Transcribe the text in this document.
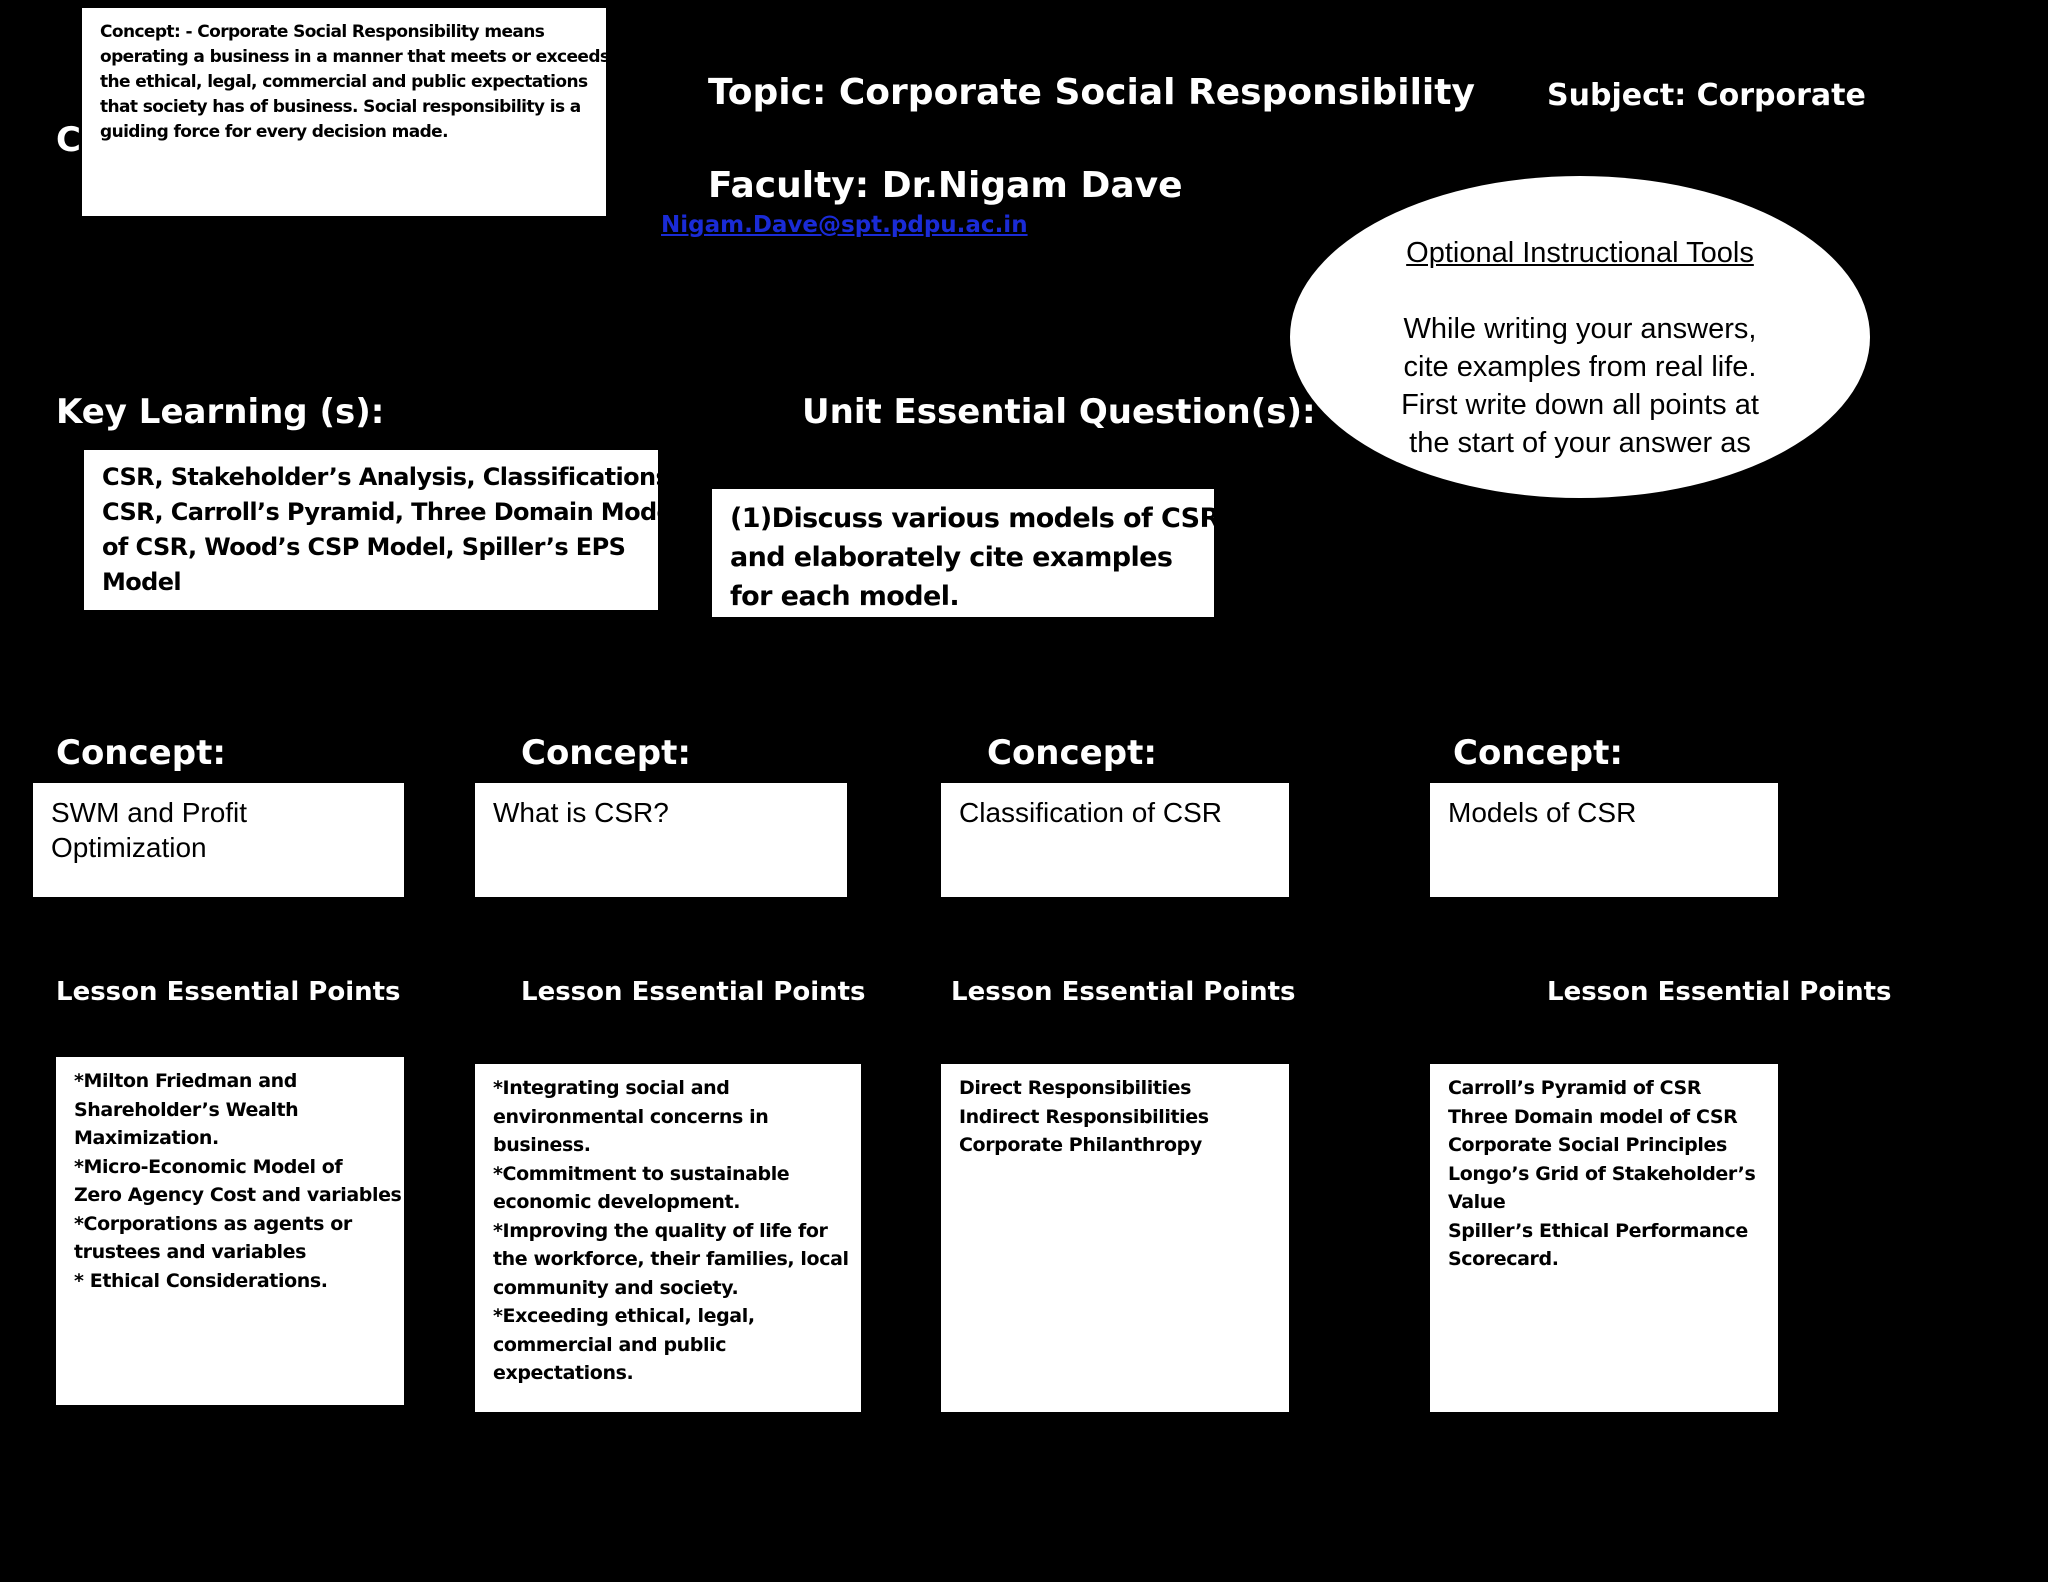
C
Topic: Corporate Social Responsibility Subject: Corporate
Faculty: Dr.Nigam Dave
Nigam.Dave@spt.pdpu.ac.in
Concept: - Corporate Social Responsibility means
operating a business in a manner that meets or exceeds
the ethical, legal, commercial and public expectations
that society has of business. Social responsibility is a
guiding force for every decision made.
Optional Instructional Tools
While writing your answers,
cite examples from real life.
First write down all points at
the start of your answer as
Key Learning (s):
CSR, Stakeholder’s Analysis, Classifications of
CSR, Carroll’s Pyramid, Three Domain Model
of CSR, Wood’s CSP Model, Spiller’s EPS
Model
Unit Essential Question(s):
(1)Discuss various models of CSR
and elaborately cite examples
for each model.
Concept:
SWM and Profit
Optimization
Lesson Essential Points
*Milton Friedman and
Shareholder’s Wealth
Maximization.
*Micro-Economic Model of
Zero Agency Cost and variables
*Corporations as agents or
trustees and variables
* Ethical Considerations.
Concept:
What is CSR?
Lesson Essential Points
*Integrating social and
environmental concerns in
business.
*Commitment to sustainable
economic development.
*Improving the quality of life for
the workforce, their families, local
community and society.
*Exceeding ethical, legal,
commercial and public
expectations.
Concept:
Classification of CSR
Lesson Essential Points
Direct Responsibilities
Indirect Responsibilities
Corporate Philanthropy
Concept:
Models of CSR
Lesson Essential Points
Carroll’s Pyramid of CSR
Three Domain model of CSR
Corporate Social Principles
Longo’s Grid of Stakeholder’s
Value
Spiller’s Ethical Performance
Scorecard.
